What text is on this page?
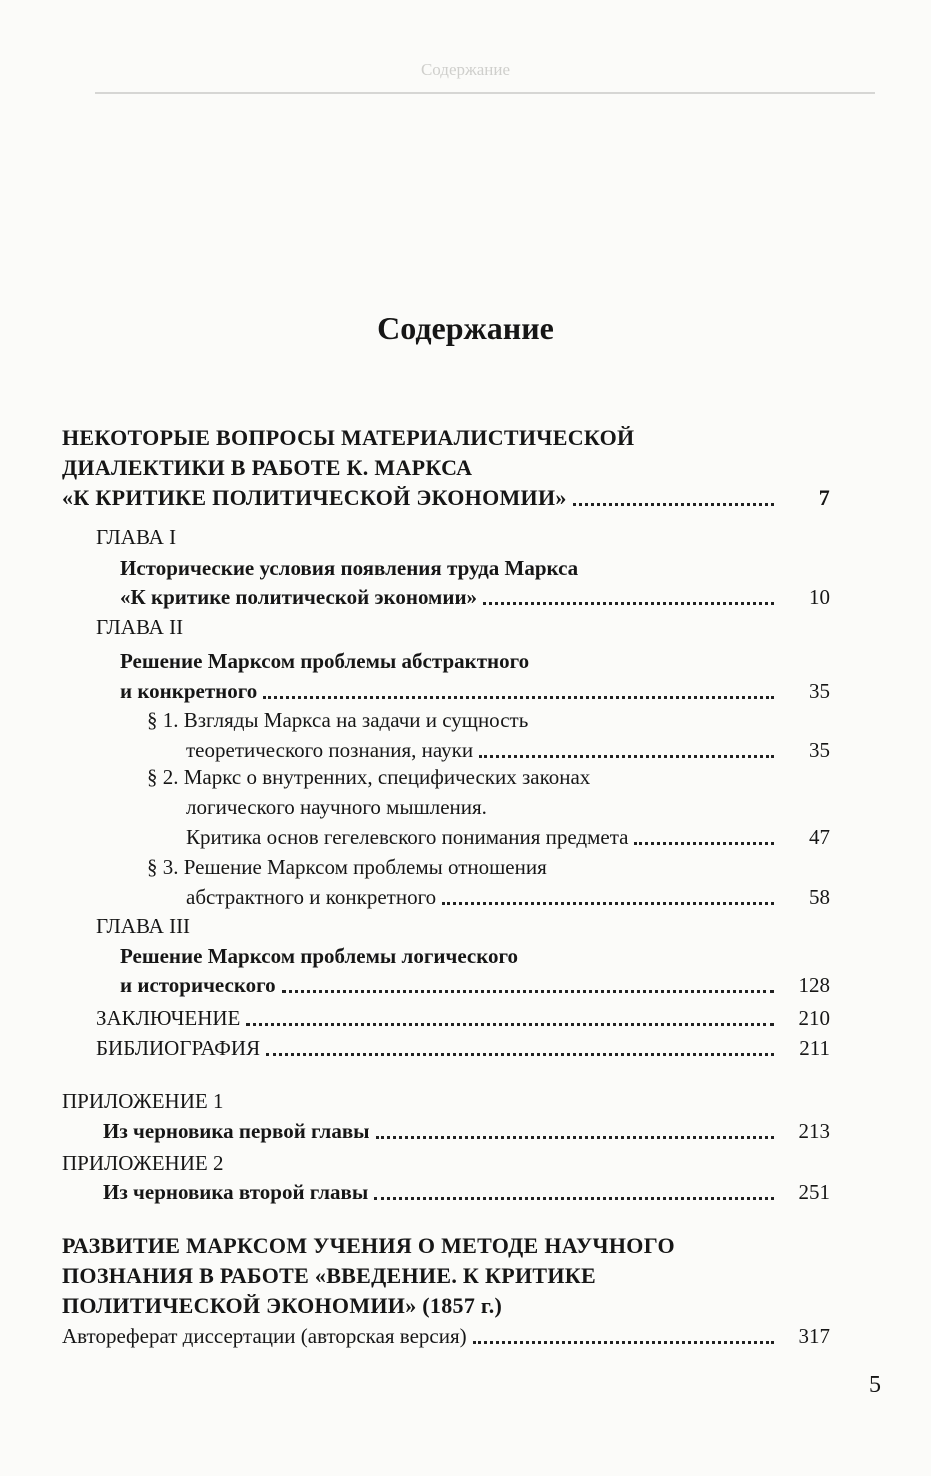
Содержание
Содержание
НЕКОТОРЫЕ ВОПРОСЫ МАТЕРИАЛИСТИЧЕСКОЙ
ДИАЛЕКТИКИ В РАБОТЕ К. МАРКСА
«К КРИТИКЕ ПОЛИТИЧЕСКОЙ ЭКОНОМИИ»	7
ГЛАВА I
Исторические условия появления труда Маркса
«К критике политической экономии»	10
ГЛАВА II
Решение Марксом проблемы абстрактного
и конкретного	35
§ 1. Взгляды Маркса на задачи и сущность
теоретического познания, науки	35
§ 2. Маркс о внутренних, специфических законах
логического научного мышления.
Критика основ гегелевского понимания предмета	47
§ 3. Решение Марксом проблемы отношения
абстрактного и конкретного	58
ГЛАВА III
Решение Марксом проблемы логического
и исторического	128
ЗАКЛЮЧЕНИЕ	210
БИБЛИОГРАФИЯ	211
ПРИЛОЖЕНИЕ 1
Из черновика первой главы	213
ПРИЛОЖЕНИЕ 2
Из черновика второй главы	251
РАЗВИТИЕ МАРКСОМ УЧЕНИЯ О МЕТОДЕ НАУЧНОГО
ПОЗНАНИЯ В РАБОТЕ «ВВЕДЕНИЕ. К КРИТИКЕ
ПОЛИТИЧЕСКОЙ ЭКОНОМИИ» (1857 г.)
Автореферат диссертации (авторская версия)	317
5
